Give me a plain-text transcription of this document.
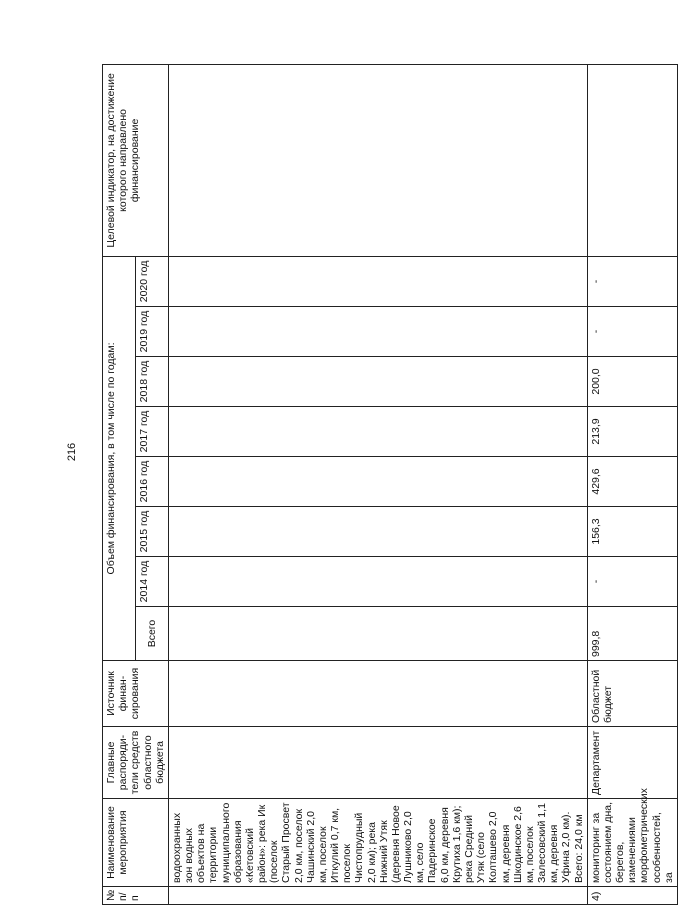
216
№ п/п	Наименование мероприятия	Главные распоряди-тели средств областного бюджета	Источник финан-сирования	Объем финансирования, в том числе по годам:								Целевой индикатор, на достижение которого направлено финансирование
				Всего	2014 год	2015 год	2016 год	2017 год	2018 год	2019 год	2020 год	
	водоохранных зон водных объектов на территории муниципального образования «Кетовский район»: река Ик (поселок Старый Просвет 2,0 км, поселок Чашинский 2,0 км, поселок Иткулий 0,7 км, поселок Чистопрудный 2,0 км); река Нижний Утяк (деревня Новое Лушниково 2,0 км, село Падеринское 6,0 км, деревня Крутиха 1,6 км); река Средний Утяк (село Колташево 2,0 км, деревня Шкодинское 2,6 км, поселок Залесовский 1,1 км, деревня Уфина 2,0 км).
Всего: 24,0 км											
4)	мониторинг за состоянием дна, берегов, изменениями морфометрических особенностей, за	Департамент	Областной бюджет	999,8	-	156,3	429,6	213,9	200,0	-	-	
